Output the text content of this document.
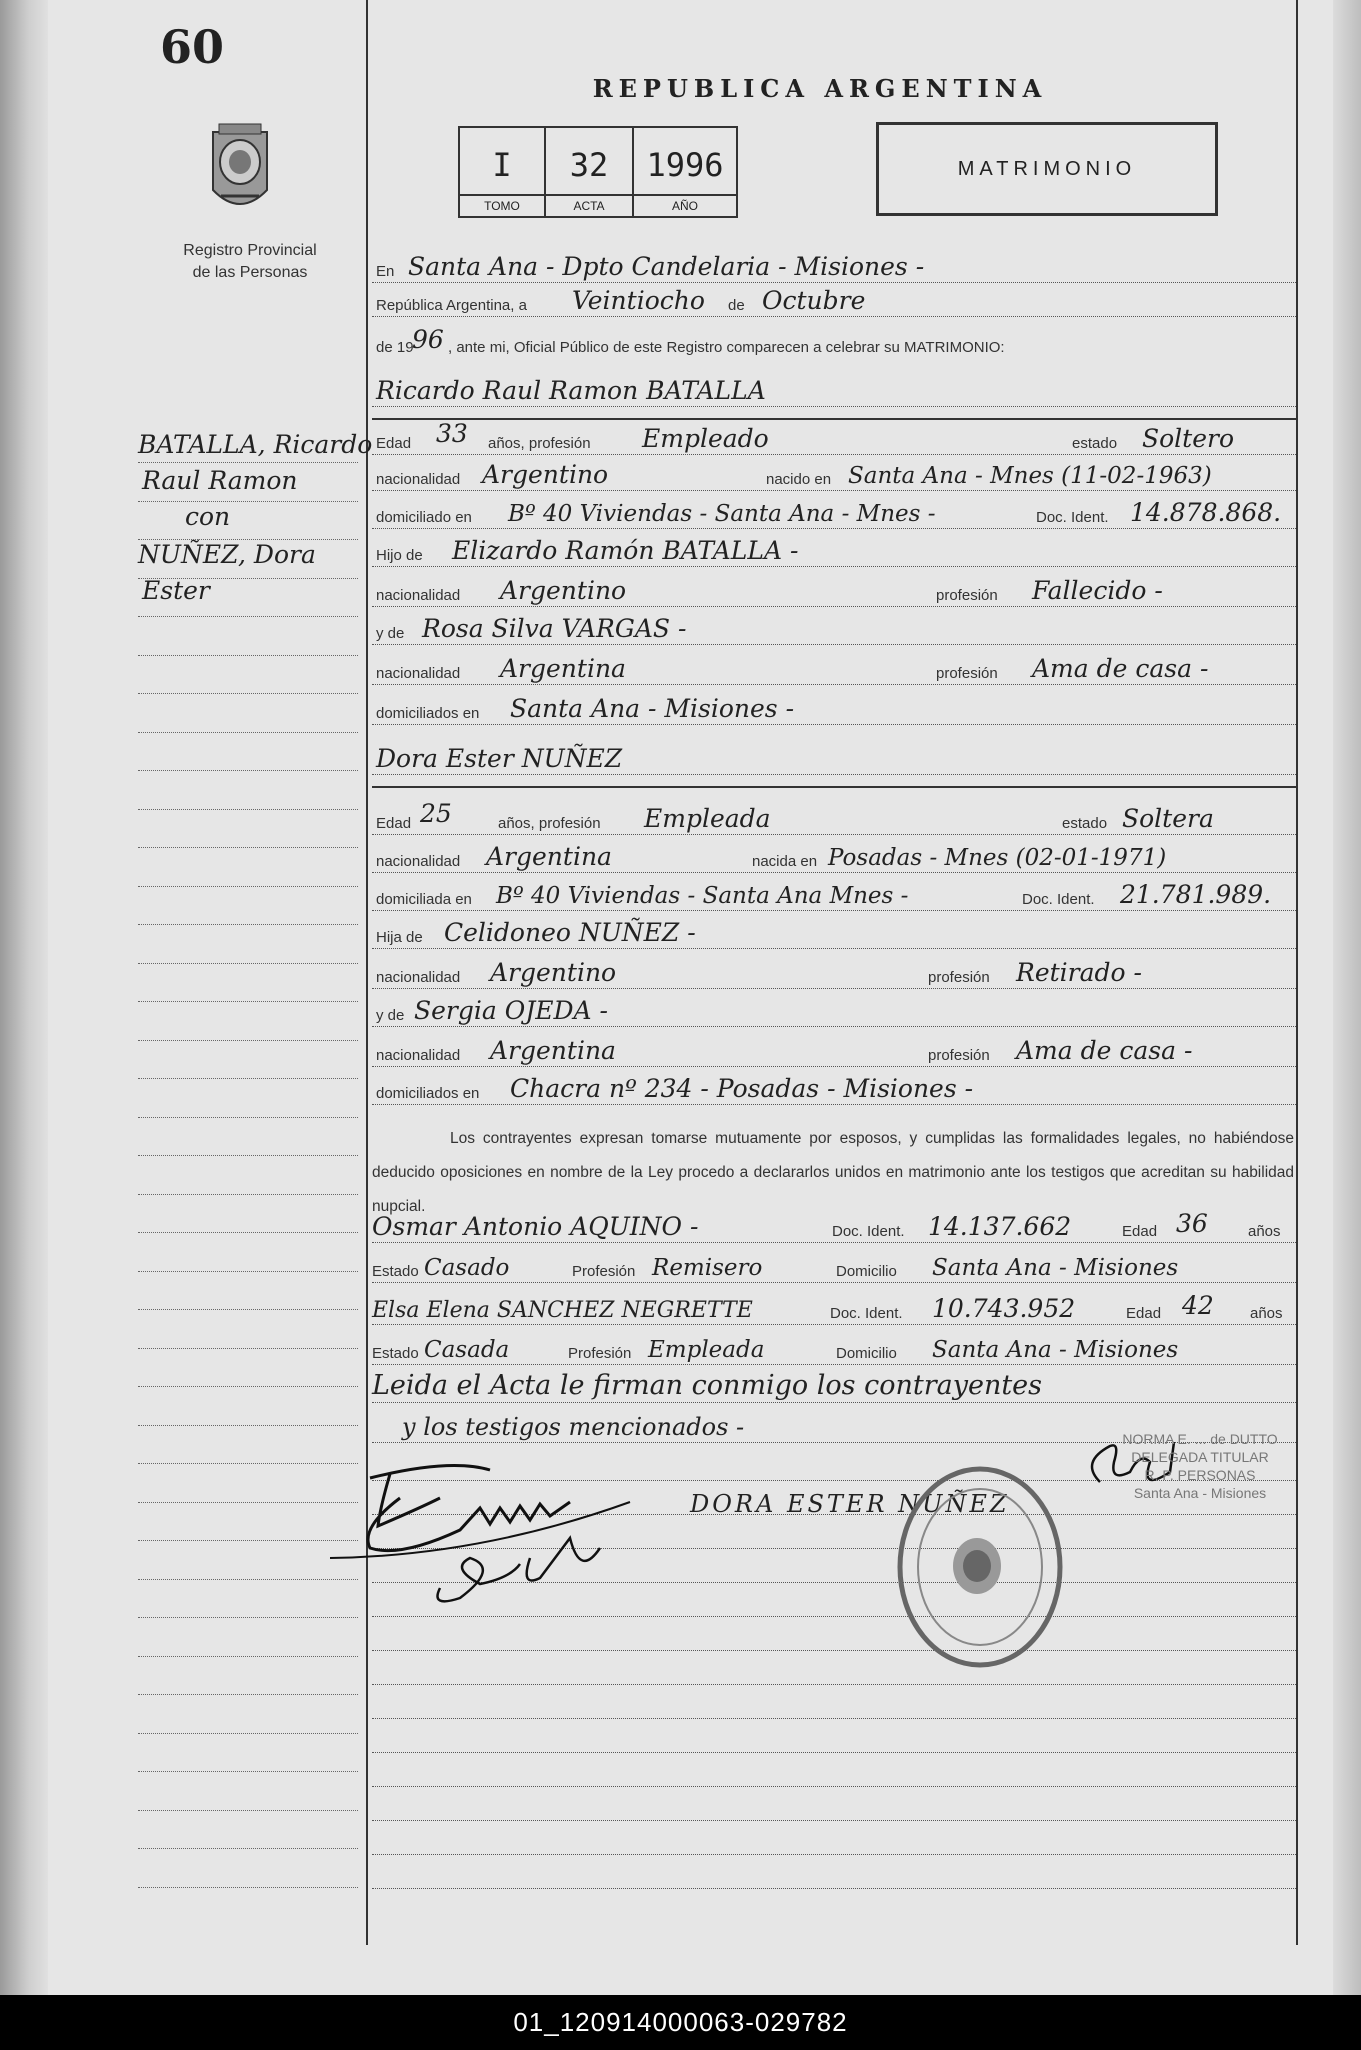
60
REPUBLICA ARGENTINA
Registro Provincial
de las Personas
I
TOMO
32
ACTA
1996
AÑO
MATRIMONIO
BATALLA, Ricardo
Raul Ramon
con
NUÑEZ, Dora
Ester
En Santa Ana - Dpto Candelaria - Misiones -
República Argentina, a Veintiocho de Octubre
de 19
96 , ante mi, Oficial Público de este Registro comparecen a celebrar su MATRIMONIO:
Ricardo Raul Ramon BATALLA
Edad 33 años, profesión Empleado	estado Soltero
nacionalidad Argentino	nacido en Santa Ana - Mnes (11-02-1963)
domiciliado en Bº 40 Viviendas - Santa Ana - Mnes -	Doc. Ident. 14.878.868.
Hijo de Elizardo Ramón BATALLA -
nacionalidad Argentino	profesión Fallecido -
y de Rosa Silva VARGAS -
nacionalidad Argentina	profesión Ama de casa -
domiciliados en Santa Ana - Misiones -
Dora Ester NUÑEZ
Edad 25	años, profesión Empleada	estado Soltera
nacionalidad Argentina	nacida en Posadas - Mnes (02-01-1971)
domiciliada en Bº 40 Viviendas - Santa Ana Mnes -	Doc. Ident. 21.781.989.
Hija de Celidoneo NUÑEZ -
nacionalidad Argentino	profesión Retirado -
y de Sergia OJEDA -
nacionalidad Argentina	profesión Ama de casa -
domiciliados en Chacra nº 234 - Posadas - Misiones -
Los contrayentes expresan tomarse mutuamente por esposos, y cumplidas las formalidades legales, no habiéndose deducido oposiciones en nombre de la Ley procedo a declararlos unidos en matrimonio ante los testigos que acreditan su habilidad nupcial.
Osmar Antonio AQUINO -	Doc. Ident. 14.137.662	Edad 36	años
Estado Casado	Profesión Remisero	Domicilio Santa Ana - Misiones
Elsa Elena SANCHEZ NEGRETTE	Doc. Ident. 10.743.952	Edad 42 años
Estado Casada	Profesión Empleada	Domicilio Santa Ana - Misiones
Leida el Acta le firman conmigo los contrayentes
y los testigos mencionados -
DORA ESTER NUÑEZ
NORMA E. ... de DUTTO
DELEGADA TITULAR
R. P. PERSONAS
Santa Ana - Misiones
01_120914000063-029782
